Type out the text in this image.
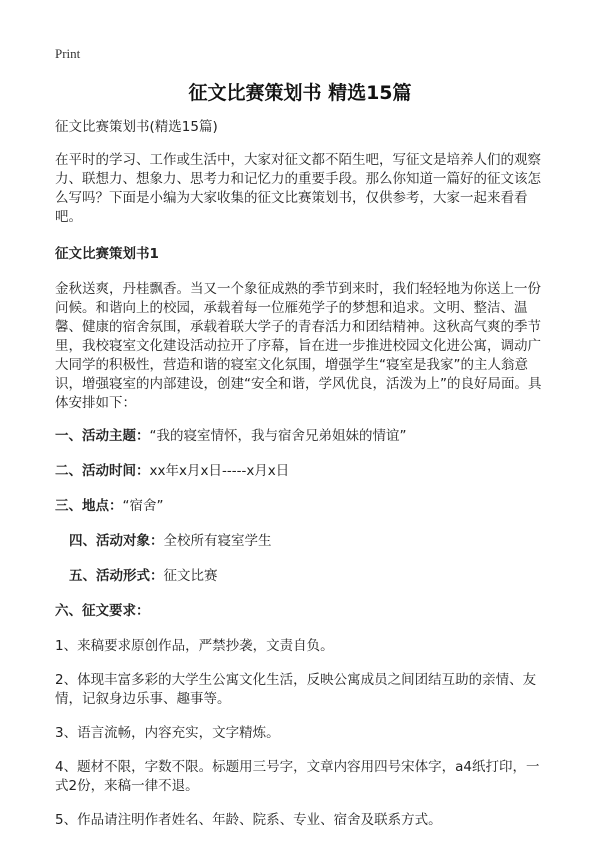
Print
征文比赛策划书 精选15篇

征文比赛策划书(精选15篇)

在平时的学习、工作或生活中，大家对征文都不陌生吧，写征文是培养人们的观察力、联想力、想象力、思考力和记忆力的重要手段。那么你知道一篇好的征文该怎么写吗？下面是小编为大家收集的征文比赛策划书，仅供参考，大家一起来看看吧。

征文比赛策划书1

金秋送爽，丹桂飘香。当又一个象征成熟的季节到来时，我们轻轻地为你送上一份问候。和谐向上的校园，承载着每一位雁苑学子的梦想和追求。文明、整洁、温馨、健康的宿舍氛围，承载着联大学子的青春活力和团结精神。这秋高气爽的季节里，我校寝室文化建设活动拉开了序幕，旨在进一步推进校园文化进公寓，调动广大同学的积极性，营造和谐的寝室文化氛围，增强学生“寝室是我家”的主人翁意识，增强寝室的内部建设，创建“安全和谐，学风优良，活泼为上”的良好局面。具体安排如下：

一、活动主题：“我的寝室情怀，我与宿舍兄弟姐妹的情谊”

二、活动时间：xx年x月x日-----x月x日

三、地点：“宿舍”

四、活动对象：全校所有寝室学生

五、活动形式：征文比赛

六、征文要求：

1、来稿要求原创作品，严禁抄袭，文责自负。

2、体现丰富多彩的大学生公寓文化生活，反映公寓成员之间团结互助的亲情、友情，记叙身边乐事、趣事等。

3、语言流畅，内容充实，文字精炼。

4、题材不限，字数不限。标题用三号字，文章内容用四号宋体字，a4纸打印，一式2份，来稿一律不退。

5、作品请注明作者姓名、年龄、院系、专业、宿舍及联系方式。
